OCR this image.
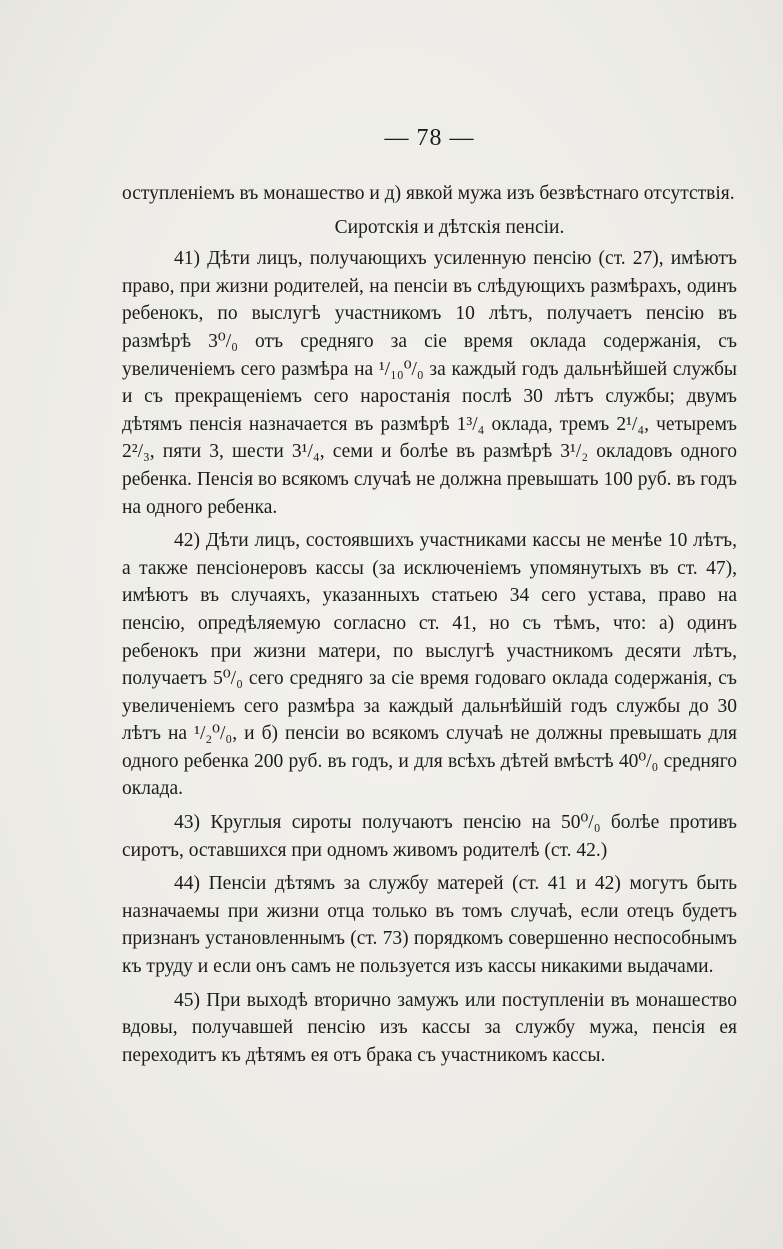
— 78 —

оступленіемъ въ монашество и д) явкой мужа изъ безвѣстнаго отсутствія.

Сиротскія и дѣтскія пенсіи.

41) Дѣти лицъ, получающихъ усиленную пенсію (ст. 27), имѣютъ право, при жизни родителей, на пенсіи въ слѣдующихъ размѣрахъ, одинъ ребенокъ, по выслугѣ участникомъ 10 лѣтъ, получаетъ пенсію въ размѣрѣ 3⁰/₀ отъ средняго за сіе время оклада содержанія, съ увеличеніемъ сего размѣра на ¹/₁₀⁰/₀ за каждый годъ дальнѣйшей службы и съ прекращеніемъ сего наростанія послѣ 30 лѣтъ службы; двумъ дѣтямъ пенсія назначается въ размѣрѣ 1³/₄ оклада, тремъ 2¹/₄, четыремъ 2²/₃, пяти 3, шести 3¹/₄, семи и болѣе въ размѣрѣ 3¹/₂ окладовъ одного ребенка. Пенсія во всякомъ случаѣ не должна превышать 100 руб. въ годъ на одного ребенка.

42) Дѣти лицъ, состоявшихъ участниками кассы не менѣе 10 лѣтъ, а также пенсіонеровъ кассы (за исключеніемъ упомянутыхъ въ ст. 47), имѣютъ въ случаяхъ, указанныхъ статьею 34 сего устава, право на пенсію, опредѣляемую согласно ст. 41, но съ тѣмъ, что: а) одинъ ребенокъ при жизни матери, по выслугѣ участникомъ десяти лѣтъ, получаетъ 5⁰/₀ сего средняго за сіе время годоваго оклада содержанія, съ увеличеніемъ сего размѣра за каждый дальнѣйшій годъ службы до 30 лѣтъ на ¹/₂⁰/₀, и б) пенсіи во всякомъ случаѣ не должны превышать для одного ребенка 200 руб. въ годъ, и для всѣхъ дѣтей вмѣстѣ 40⁰/₀ средняго оклада.

43) Круглыя сироты получаютъ пенсію на 50⁰/₀ болѣе противъ сиротъ, оставшихся при одномъ живомъ родителѣ (ст. 42.)

44) Пенсіи дѣтямъ за службу матерей (ст. 41 и 42) могутъ быть назначаемы при жизни отца только въ томъ случаѣ, если отецъ будетъ признанъ установленнымъ (ст. 73) порядкомъ совершенно неспособнымъ къ труду и если онъ самъ не пользуется изъ кассы никакими выдачами.

45) При выходѣ вторично замужъ или поступленіи въ монашество вдовы, получавшей пенсію изъ кассы за службу мужа, пенсія ея переходитъ къ дѣтямъ ея отъ брака съ участникомъ кассы.
